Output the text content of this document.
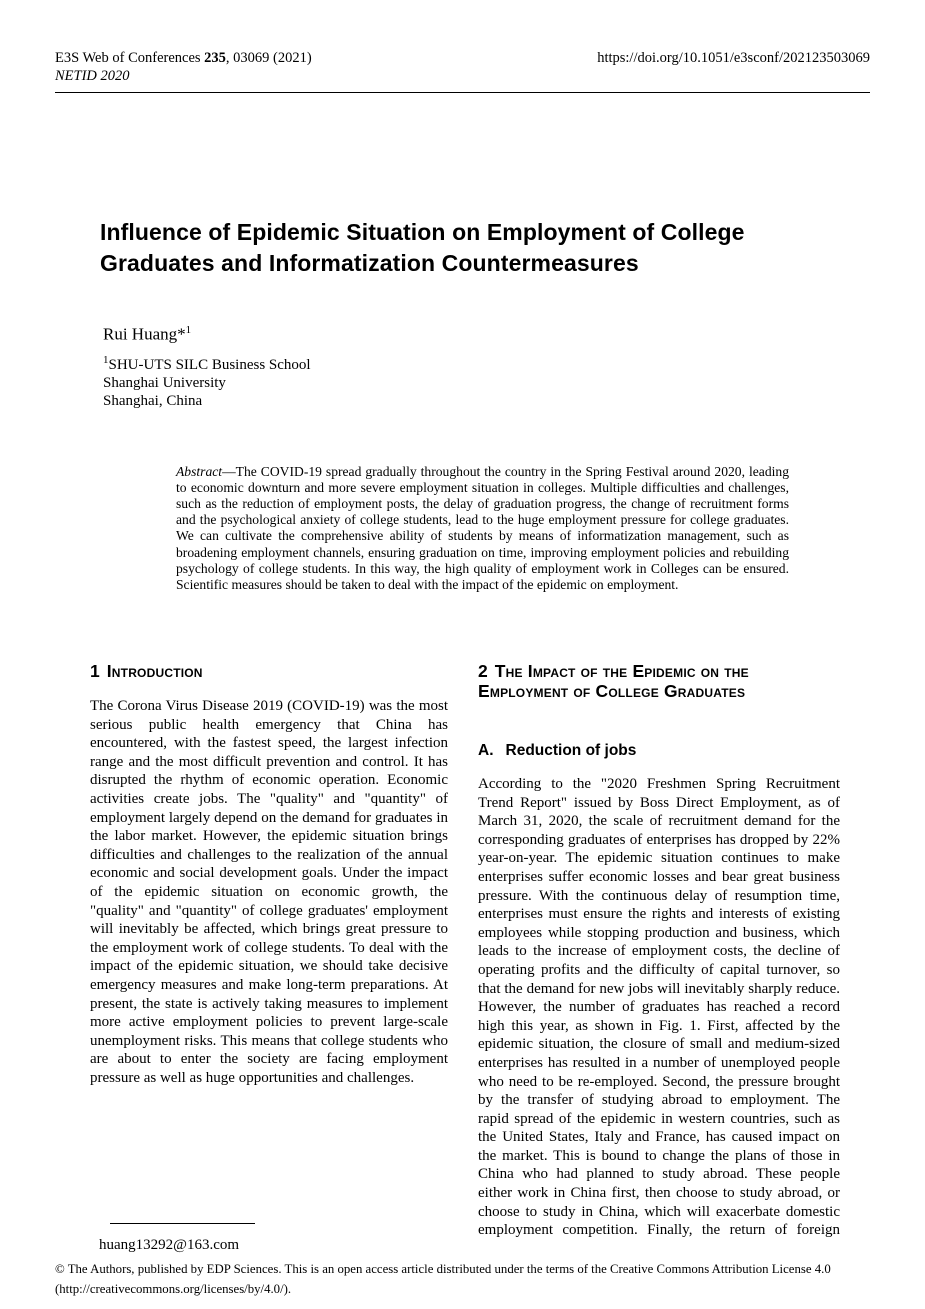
E3S Web of Conferences 235, 03069 (2021)
NETID 2020
https://doi.org/10.1051/e3sconf/202123503069
Influence of Epidemic Situation on Employment of College Graduates and Informatization Countermeasures
Rui Huang*$^1$
$^1$SHU-UTS SILC Business School
Shanghai University
Shanghai, China

Abstract—The COVID-19 spread gradually throughout the country in the Spring Festival around 2020, leading to economic downturn and more severe employment situation in colleges. Multiple difficulties and challenges, such as the reduction of employment posts, the delay of graduation progress, the change of recruitment forms and the psychological anxiety of college students, lead to the huge employment pressure for college graduates. We can cultivate the comprehensive ability of students by means of informatization management, such as broadening employment channels, ensuring graduation on time, improving employment policies and rebuilding psychology of college students. In this way, the high quality of employment work in Colleges can be ensured. Scientific measures should be taken to deal with the impact of the epidemic on employment.

1 Introduction

The Corona Virus Disease 2019 (COVID-19) was the most serious public health emergency that China has encountered, with the fastest speed, the largest infection range and the most difficult prevention and control. It has disrupted the rhythm of economic operation. Economic activities create jobs. The "quality" and "quantity" of employment largely depend on the demand for graduates in the labor market. However, the epidemic situation brings difficulties and challenges to the realization of the annual economic and social development goals. Under the impact of the epidemic situation on economic growth, the "quality" and "quantity" of college graduates' employment will inevitably be affected, which brings great pressure to the employment work of college students. To deal with the impact of the epidemic situation, we should take decisive emergency measures and make long-term preparations. At present, the state is actively taking measures to implement more active employment policies to prevent large-scale unemployment risks. This means that college students who are about to enter the society are facing employment pressure as well as huge opportunities and challenges.

2 The Impact of the Epidemic on the Employment of College Graduates
A. Reduction of jobs

According to the "2020 Freshmen Spring Recruitment Trend Report" issued by Boss Direct Employment, as of March 31, 2020, the scale of recruitment demand for the corresponding graduates of enterprises has dropped by 22% year-on-year. The epidemic situation continues to make enterprises suffer economic losses and bear great business pressure. With the continuous delay of resumption time, enterprises must ensure the rights and interests of existing employees while stopping production and business, which leads to the increase of employment costs, the decline of operating profits and the difficulty of capital turnover, so that the demand for new jobs will inevitably sharply reduce. However, the number of graduates has reached a record high this year, as shown in Fig. 1. First, affected by the epidemic situation, the closure of small and medium-sized enterprises has resulted in a number of unemployed people who need to be re-employed. Second, the pressure brought by the transfer of studying abroad to employment. The rapid spread of the epidemic in western countries, such as the United States, Italy and France, has caused impact on the market. This is bound to change the plans of those in China who had planned to study abroad. These people either work in China first, then choose to study abroad, or choose to study in China, which will exacerbate domestic employment competition. Finally, the return of foreign

huang13292@163.com
© The Authors, published by EDP Sciences. This is an open access article distributed under the terms of the Creative Commons Attribution License 4.0
(http://creativecommons.org/licenses/by/4.0/).
